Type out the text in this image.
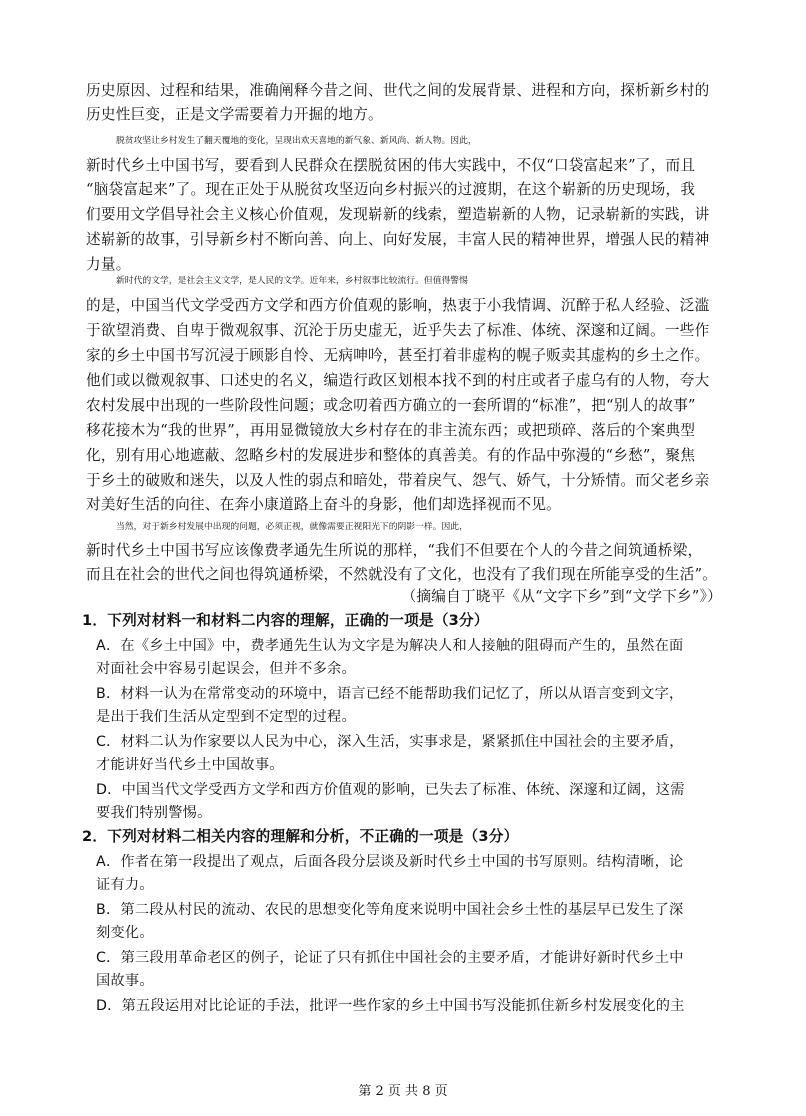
历史原因、过程和结果，准确阐释今昔之间、世代之间的发展背景、进程和方向，探析新乡村的
历史性巨变，正是文学需要着力开掘的地方。
脱贫攻坚让乡村发生了翻天覆地的变化，呈现出欢天喜地的新气象、新风尚、新人物。因此，
新时代乡土中国书写，要看到人民群众在摆脱贫困的伟大实践中，不仅“口袋富起来”了，而且
“脑袋富起来”了。现在正处于从脱贫攻坚迈向乡村振兴的过渡期，在这个崭新的历史现场，我
们要用文学倡导社会主义核心价值观，发现崭新的线索，塑造崭新的人物，记录崭新的实践，讲
述崭新的故事，引导新乡村不断向善、向上、向好发展，丰富人民的精神世界，增强人民的精神
力量。
新时代的文学，是社会主义文学，是人民的文学。近年来，乡村叙事比较流行。但值得警惕
的是，中国当代文学受西方文学和西方价值观的影响，热衷于小我情调、沉醉于私人经验、泛滥
于欲望消费、自卑于微观叙事、沉沦于历史虚无，近乎失去了标准、体统、深邃和辽阔。一些作
家的乡土中国书写沉浸于顾影自怜、无病呻吟，甚至打着非虚构的幌子贩卖其虚构的乡土之作。
他们或以微观叙事、口述史的名义，编造行政区划根本找不到的村庄或者子虚乌有的人物，夸大
农村发展中出现的一些阶段性问题；或念叨着西方确立的一套所谓的“标准”，把“别人的故事”
移花接木为“我的世界”，再用显微镜放大乡村存在的非主流东西；或把琐碎、落后的个案典型
化，别有用心地遮蔽、忽略乡村的发展进步和整体的真善美。有的作品中弥漫的“乡愁”，聚焦
于乡土的破败和迷失，以及人性的弱点和暗处，带着戾气、怨气、娇气，十分矫情。而父老乡亲
对美好生活的向往、在奔小康道路上奋斗的身影，他们却选择视而不见。
当然，对于新乡村发展中出现的问题，必须正视，就像需要正视阳光下的阴影一样。因此，
新时代乡土中国书写应该像费孝通先生所说的那样，“我们不但要在个人的今昔之间筑通桥梁，
而且在社会的世代之间也得筑通桥梁，不然就没有了文化，也没有了我们现在所能享受的生活”。
（摘编自丁晓平《从“文字下乡”到“文学下乡”》）
1．下列对材料一和材料二内容的理解，正确的一项是（3分）
A．在《乡土中国》中，费孝通先生认为文字是为解决人和人接触的阻碍而产生的，虽然在面
对面社会中容易引起误会，但并不多余。
B．材料一认为在常常变动的环境中，语言已经不能帮助我们记忆了，所以从语言变到文字，
是出于我们生活从定型到不定型的过程。
C．材料二认为作家要以人民为中心，深入生活，实事求是，紧紧抓住中国社会的主要矛盾，
才能讲好当代乡土中国故事。
D．中国当代文学受西方文学和西方价值观的影响，已失去了标准、体统、深邃和辽阔，这需
要我们特别警惕。
2．下列对材料二相关内容的理解和分析，不正确的一项是（3分）
A．作者在第一段提出了观点，后面各段分层谈及新时代乡土中国的书写原则。结构清晰，论
证有力。
B．第二段从村民的流动、农民的思想变化等角度来说明中国社会乡土性的基层早已发生了深
刻变化。
C．第三段用革命老区的例子，论证了只有抓住中国社会的主要矛盾，才能讲好新时代乡土中
国故事。
D．第五段运用对比论证的手法，批评一些作家的乡土中国书写没能抓住新乡村发展变化的主
第 2 页 共 8 页
